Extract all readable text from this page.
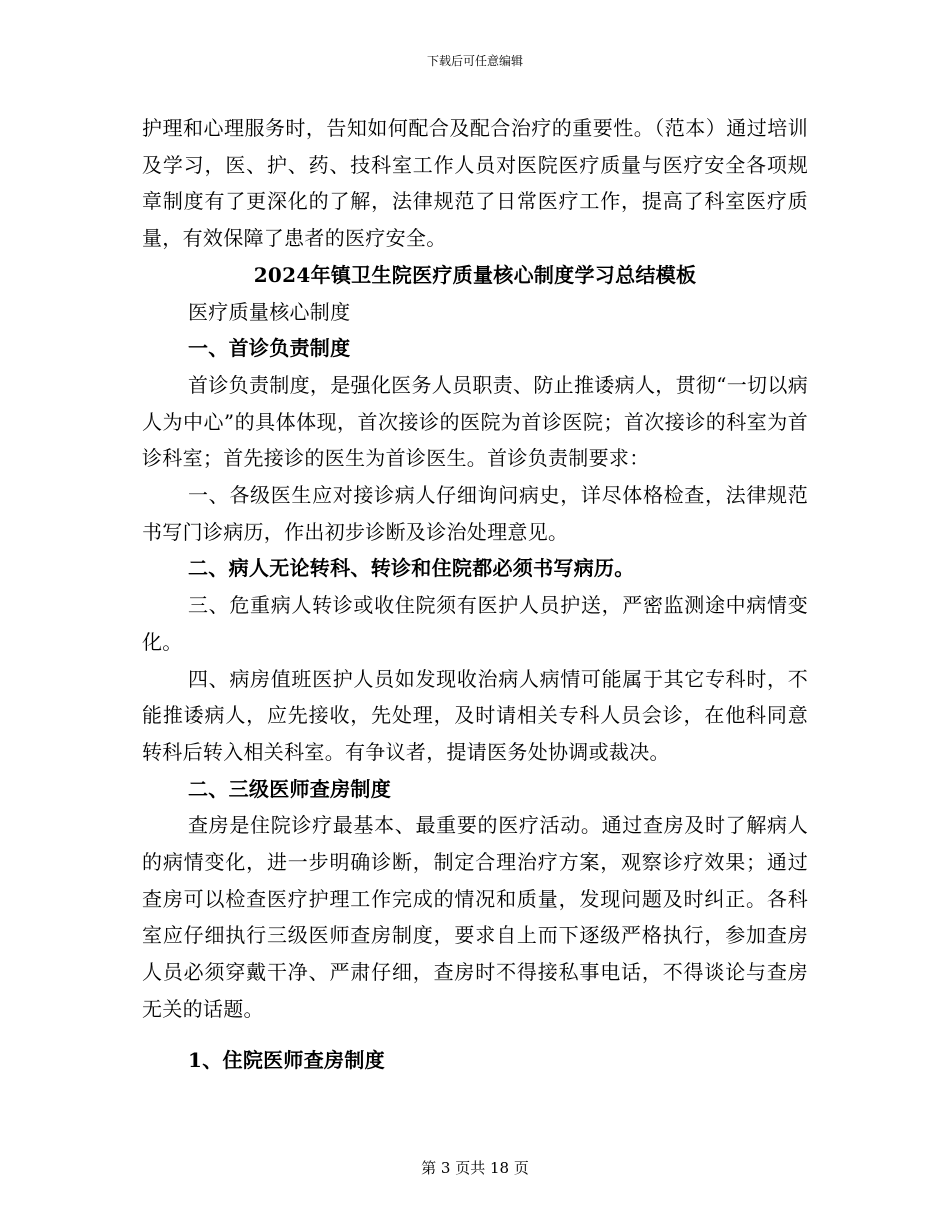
下载后可任意编辑

护理和心理服务时，告知如何配合及配合治疗的重要性。（范本）通过培训及学习，医、护、药、技科室工作人员对医院医疗质量与医疗安全各项规章制度有了更深化的了解，法律规范了日常医疗工作，提高了科室医疗质量，有效保障了患者的医疗安全。

2024年镇卫生院医疗质量核心制度学习总结模板

医疗质量核心制度

一、首诊负责制度

首诊负责制度，是强化医务人员职责、防止推诿病人，贯彻“一切以病人为中心”的具体体现，首次接诊的医院为首诊医院；首次接诊的科室为首诊科室；首先接诊的医生为首诊医生。首诊负责制要求：

一、各级医生应对接诊病人仔细询问病史，详尽体格检查，法律规范书写门诊病历，作出初步诊断及诊治处理意见。

二、病人无论转科、转诊和住院都必须书写病历。

三、危重病人转诊或收住院须有医护人员护送，严密监测途中病情变化。

四、病房值班医护人员如发现收治病人病情可能属于其它专科时，不能推诿病人，应先接收，先处理，及时请相关专科人员会诊，在他科同意转科后转入相关科室。有争议者，提请医务处协调或裁决。

二、三级医师查房制度

查房是住院诊疗最基本、最重要的医疗活动。通过查房及时了解病人的病情变化，进一步明确诊断，制定合理治疗方案，观察诊疗效果；通过查房可以检查医疗护理工作完成的情况和质量，发现问题及时纠正。各科室应仔细执行三级医师查房制度，要求自上而下逐级严格执行，参加查房人员必须穿戴干净、严肃仔细，查房时不得接私事电话，不得谈论与查房无关的话题。

1、住院医师查房制度

第 3 页共 18 页
